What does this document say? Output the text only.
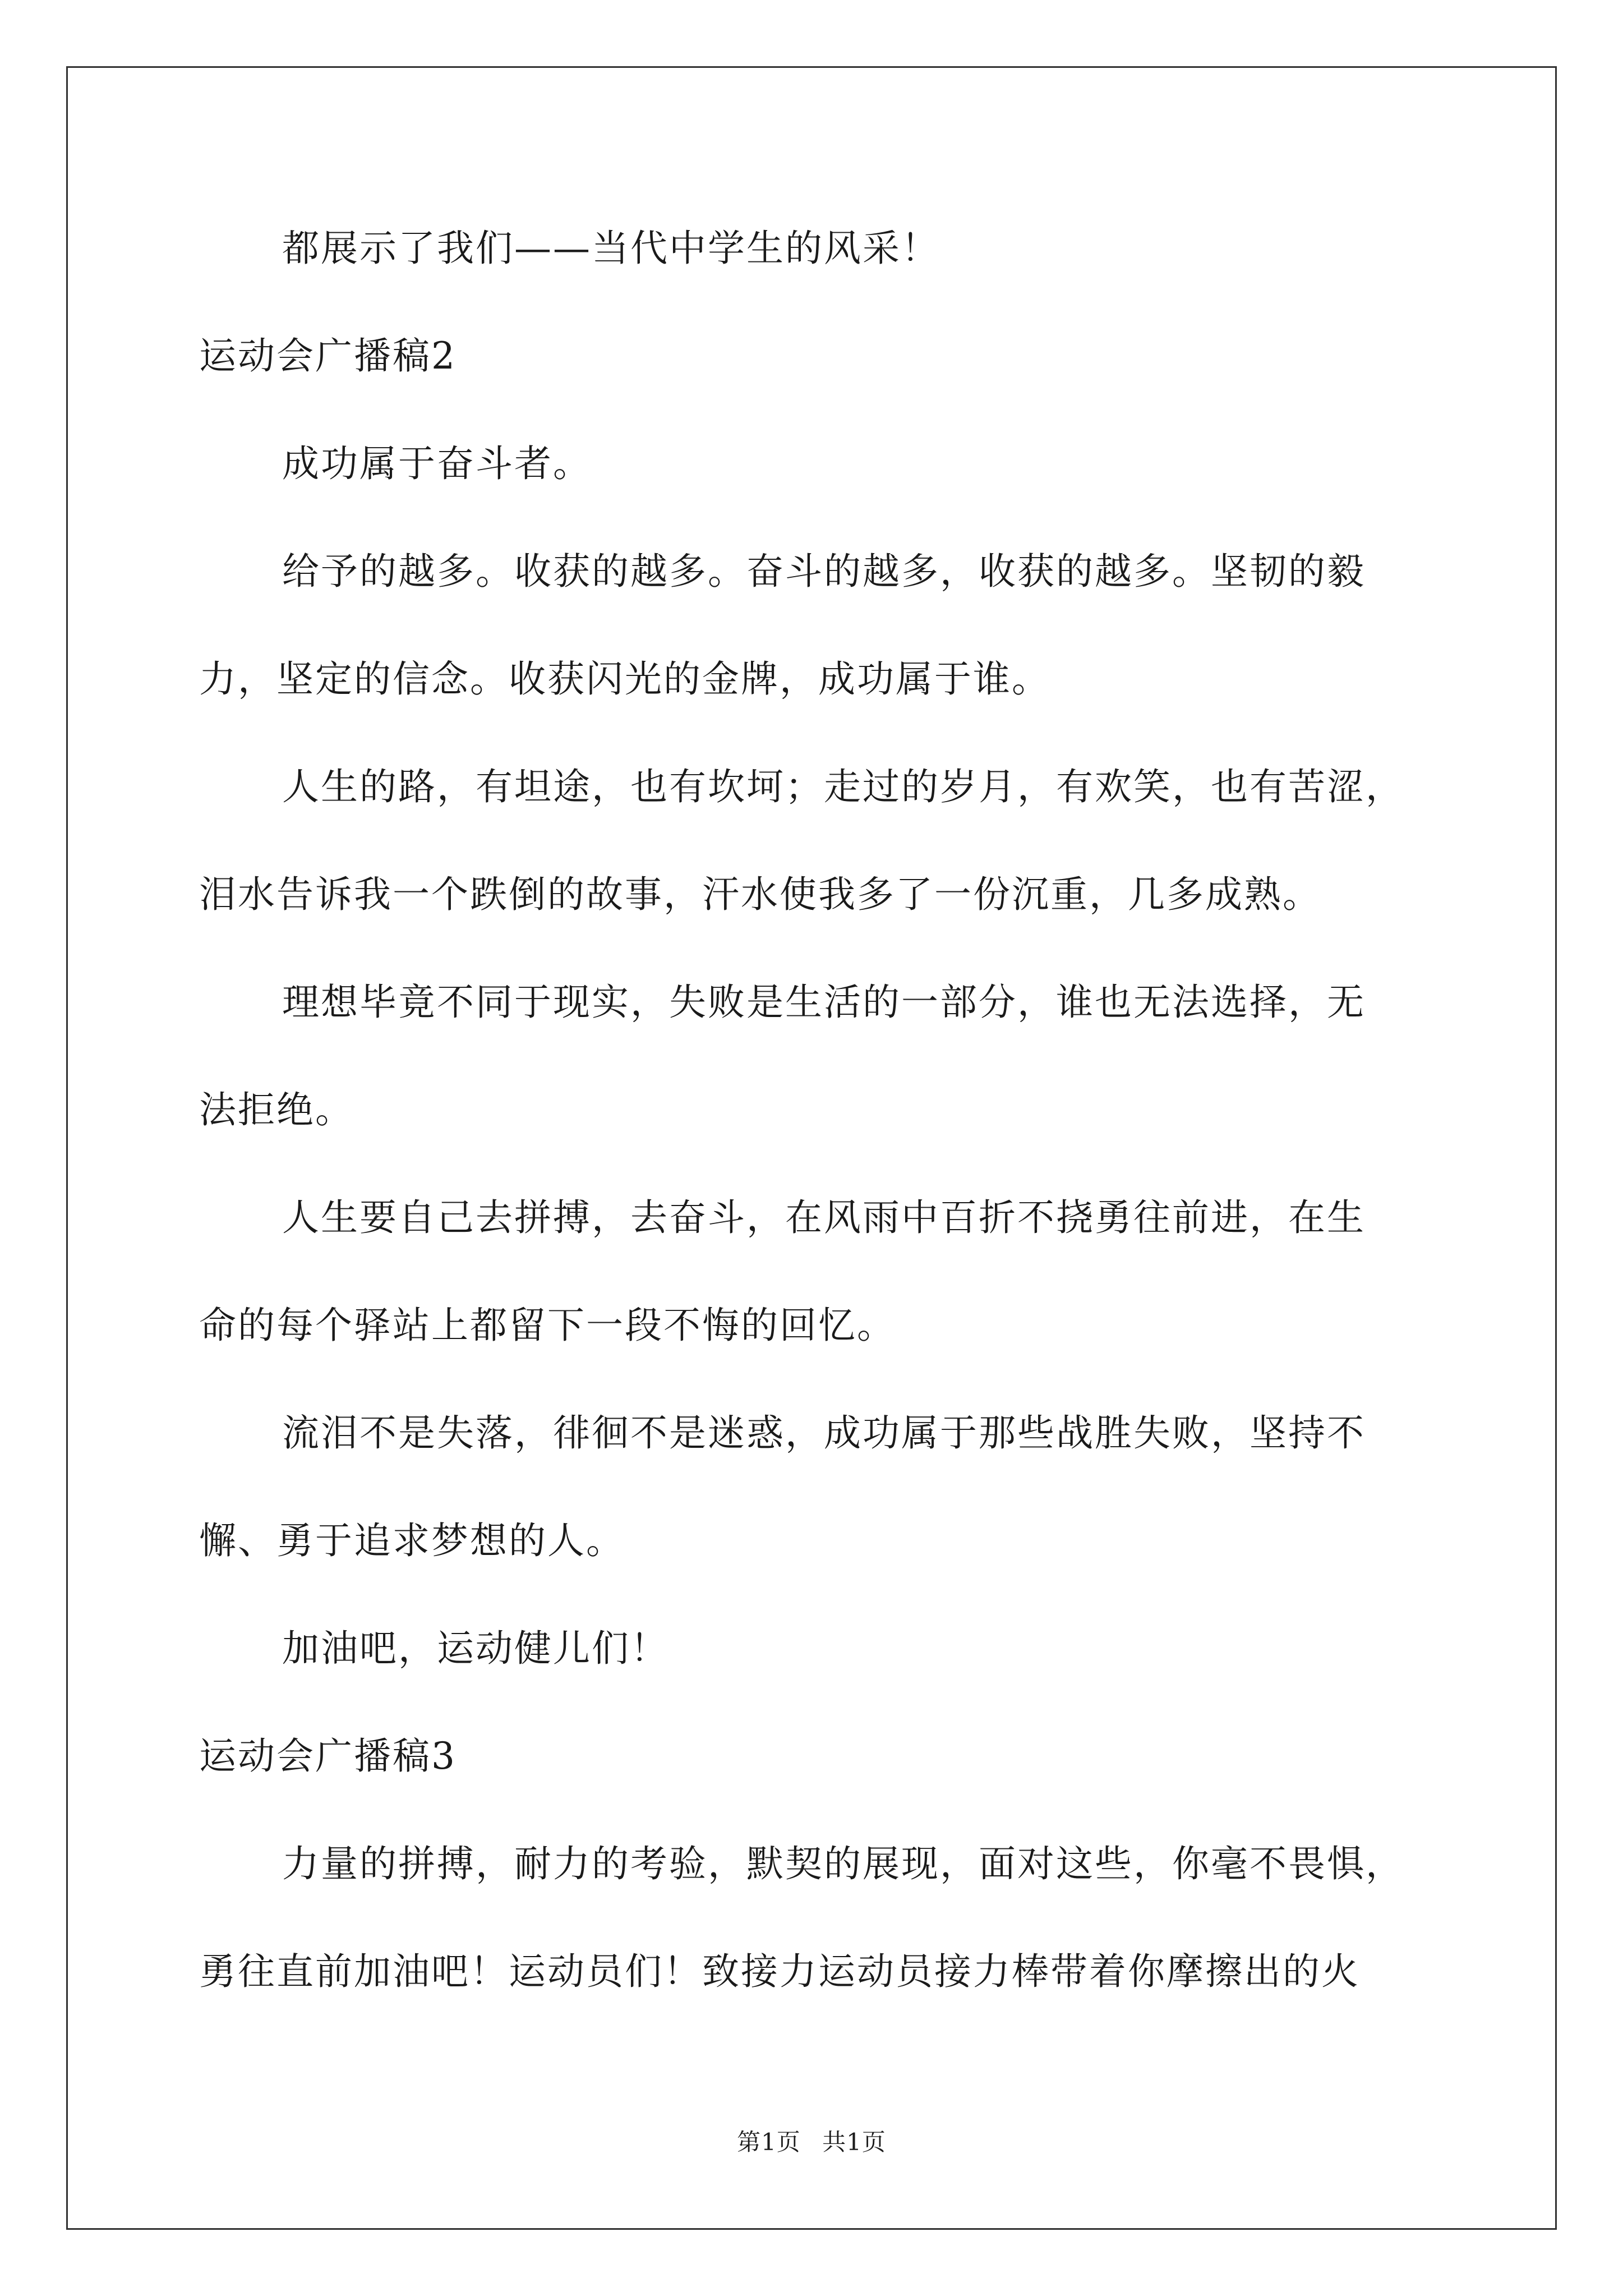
都展示了我们——当代中学生的风采！
运动会广播稿2
成功属于奋斗者。
给予的越多。收获的越多。奋斗的越多，收获的越多。坚韧的毅
力，坚定的信念。收获闪光的金牌，成功属于谁。
人生的路，有坦途，也有坎坷；走过的岁月，有欢笑，也有苦涩，
泪水告诉我一个跌倒的故事，汗水使我多了一份沉重，几多成熟。
理想毕竟不同于现实，失败是生活的一部分，谁也无法选择，无
法拒绝。
人生要自己去拼搏，去奋斗，在风雨中百折不挠勇往前进，在生
命的每个驿站上都留下一段不悔的回忆。
流泪不是失落，徘徊不是迷惑，成功属于那些战胜失败，坚持不
懈、勇于追求梦想的人。
加油吧，运动健儿们！
运动会广播稿3
力量的拼搏，耐力的考验，默契的展现，面对这些，你毫不畏惧，
勇往直前加油吧！运动员们！致接力运动员接力棒带着你摩擦出的火
第1页 共1页
